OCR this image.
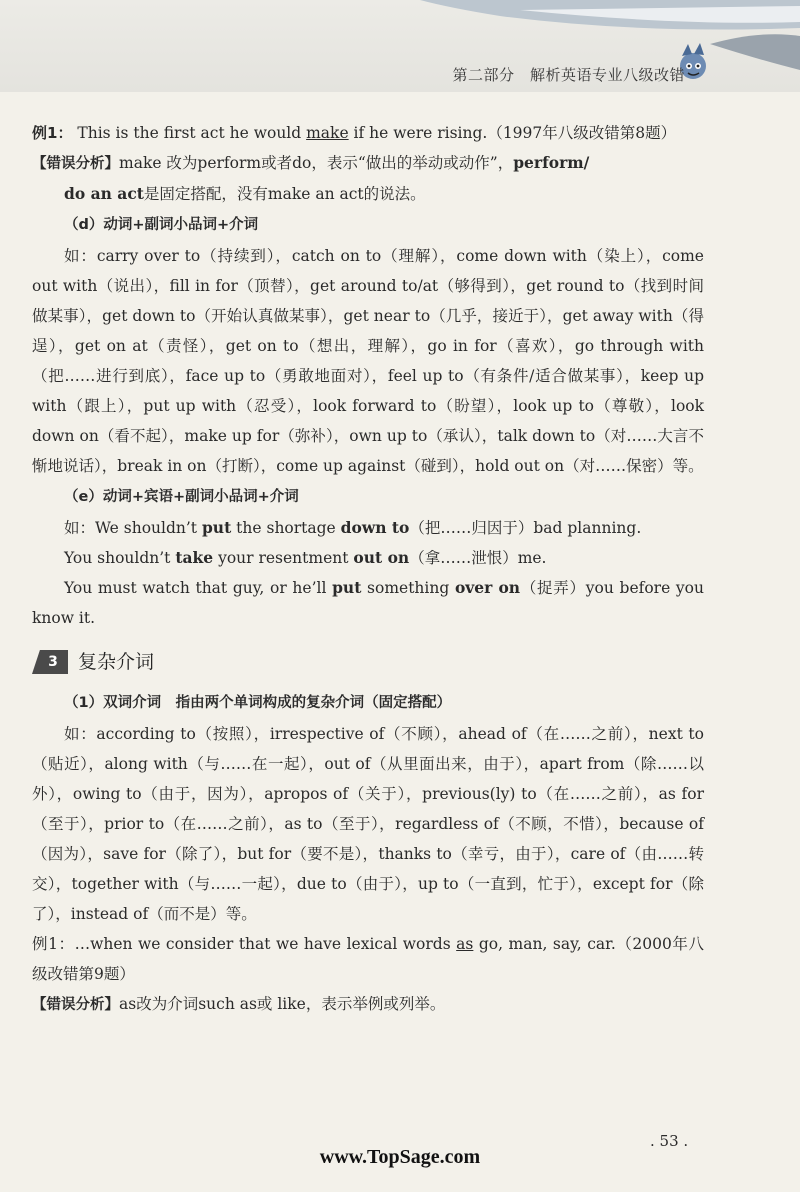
第二部分　解析英语专业八级改错

例1： This is the first act he would make if he were rising.（1997年八级改错第8题）

【错误分析】make 改为perform或者do，表示“做出的举动或动作”，perform/
do an act是固定搭配，没有make an act的说法。

（d）动词+副词小品词+介词

如：carry over to（持续到），catch on to（理解），come down with（染上），come out with（说出），fill in for（顶替），get around to/at（够得到），get round to（找到时间做某事），get down to（开始认真做某事），get near to（几乎，接近于），get away with（得逞），get on at（责怪），get on to（想出，理解），go in for（喜欢），go through with（把……进行到底），face up to（勇敢地面对），feel up to（有条件/适合做某事），keep up with（跟上），put up with（忍受），look forward to（盼望），look up to（尊敬），look down on（看不起），make up for（弥补），own up to（承认），talk down to（对……大言不惭地说话），break in on（打断），come up against（碰到），hold out on（对……保密）等。

（e）动词+宾语+副词小品词+介词

如：We shouldn’t put the shortage down to（把……归因于）bad planning.

You shouldn’t take your resentment out on（拿……泄恨）me.

You must watch that guy, or he’ll put something over on（捉弄）you before you know it.

3	复杂介词
（1）双词介词　指由两个单词构成的复杂介词（固定搭配）

如：according to（按照），irrespective of（不顾），ahead of（在……之前），next to（贴近），along with（与……在一起），out of（从里面出来，由于），apart from（除……以外），owing to（由于，因为），apropos of（关于），previous(ly) to（在……之前），as for（至于），prior to（在……之前），as to（至于），regardless of（不顾，不惜），because of（因为），save for（除了），but for（要不是），thanks to（幸亏，由于），care of（由……转交），together with（与……一起），due to（由于），up to（一直到，忙于），except for（除了），instead of（而不是）等。

例1：…when we consider that we have lexical words as go, man, say, car.（2000年八级改错第9题）

【错误分析】as改为介词such as或 like，表示举例或列举。

. 53 .
www.TopSage.com
